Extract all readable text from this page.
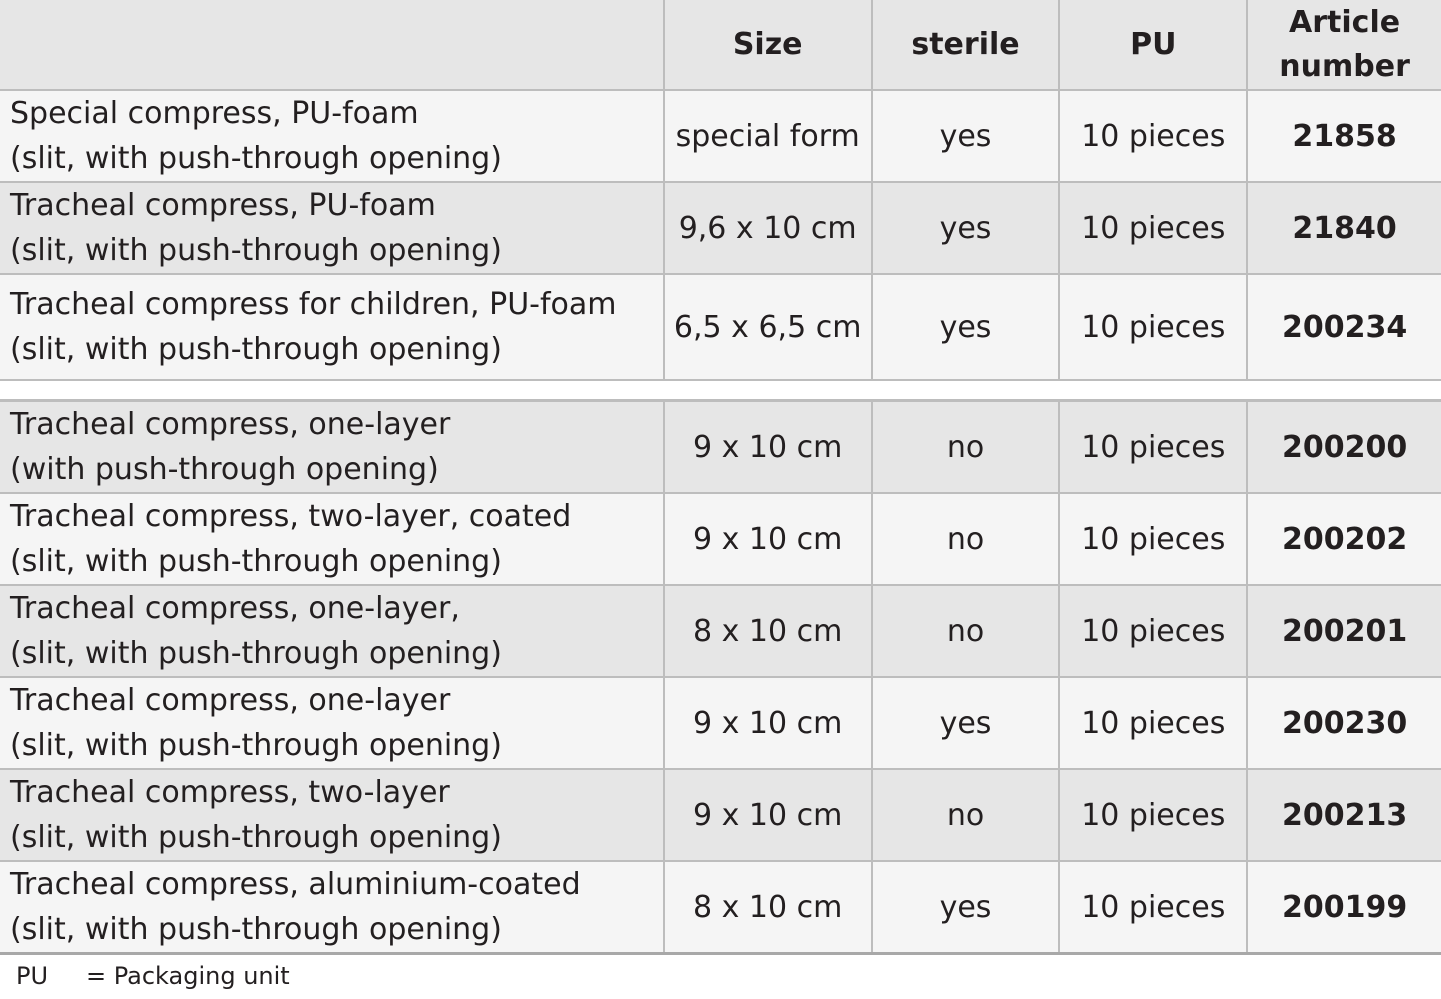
	Size	sterile	PU	Article
number

Special compress, PU-foam
(slit, with push-through opening)	special form	yes	10 pieces	21858

Tracheal compress, PU-foam
(slit, with push-through opening)	9,6 x 10 cm	yes	10 pieces	21840

Tracheal compress for children, PU-foam
(slit, with push-through opening)	6,5 x 6,5 cm	yes	10 pieces	200234
Tracheal compress, one-layer
(with push-through opening)	9 x 10 cm	no	10 pieces	200200

Tracheal compress, two-layer, coated
(slit, with push-through opening)	9 x 10 cm	no	10 pieces	200202

Tracheal compress, one-layer,
(slit, with push-through opening)	8 x 10 cm	no	10 pieces	200201

Tracheal compress, one-layer
(slit, with push-through opening)	9 x 10 cm	yes	10 pieces	200230

Tracheal compress, two-layer
(slit, with push-through opening)	9 x 10 cm	no	10 pieces	200213

Tracheal compress, aluminium-coated
(slit, with push-through opening)	8 x 10 cm	yes	10 pieces	200199
PU	= Packaging unit
